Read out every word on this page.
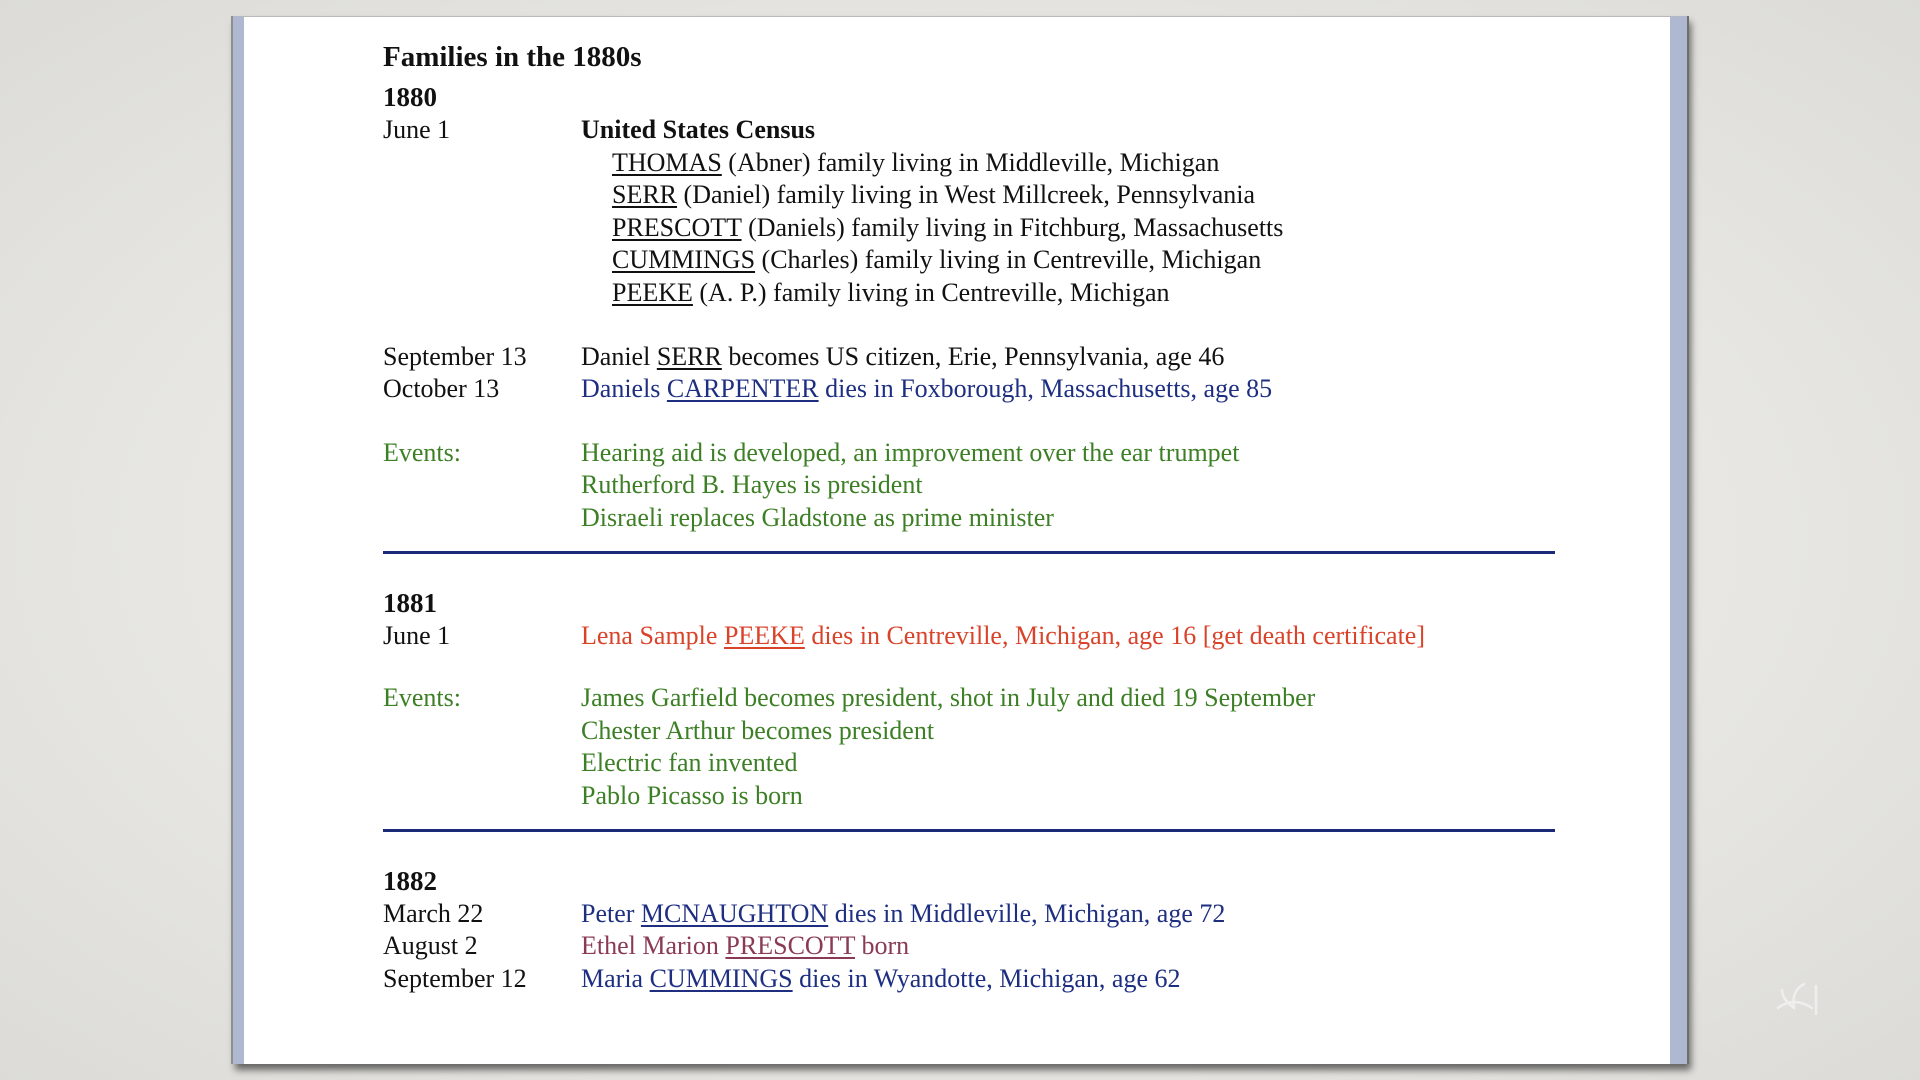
Families in the 1880s
1880
June 1	United States Census
THOMAS (Abner) family living in Middleville, Michigan
SERR (Daniel) family living in West Millcreek, Pennsylvania
PRESCOTT (Daniels) family living in Fitchburg, Massachusetts
CUMMINGS (Charles) family living in Centreville, Michigan
PEEKE (A. P.) family living in Centreville, Michigan
September 13	Daniel SERR becomes US citizen, Erie, Pennsylvania, age 46
October 13	Daniels CARPENTER dies in Foxborough, Massachusetts, age 85
Events:	Hearing aid is developed, an improvement over the ear trumpet
Rutherford B. Hayes is president
Disraeli replaces Gladstone as prime minister
1881
June 1	Lena Sample PEEKE dies in Centreville, Michigan, age 16 [get death certificate]
Events:	James Garfield becomes president, shot in July and died 19 September
Chester Arthur becomes president
Electric fan invented
Pablo Picasso is born
1882
March 22	Peter MCNAUGHTON dies in Middleville, Michigan, age 72
August 2	Ethel Marion PRESCOTT born
September 12	Maria CUMMINGS dies in Wyandotte, Michigan, age 62
